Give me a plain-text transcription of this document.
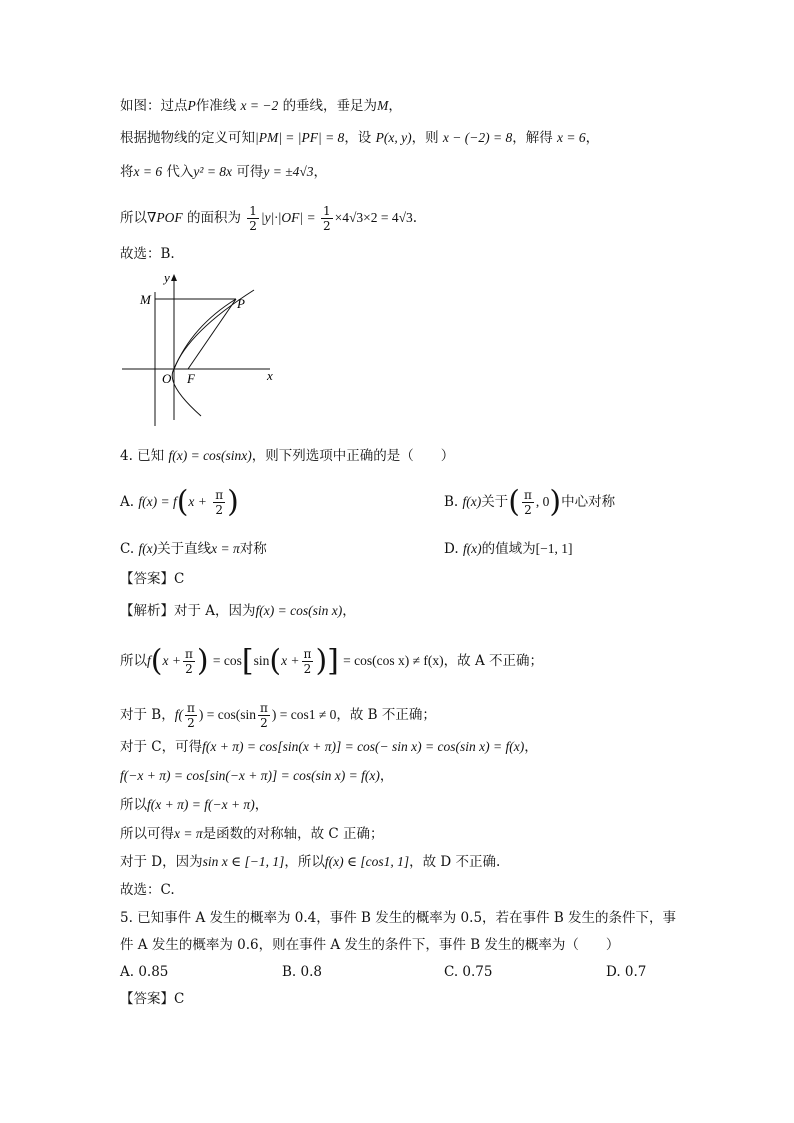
如图：过点P作准线 x = −2 的垂线，垂足为M，
根据抛物线的定义可知|PM| = |PF| = 8，设 P(x, y)，则 x − (−2) = 8，解得 x = 6，
将x = 6 代入y² = 8x 可得y = ±4√3，
所以∇POF 的面积为 $\frac{1}{2} |y|\cdot|OF| = \frac{1}{2} \times 4√3\times 2 = 4√3$.
故选：B.
y
M	P
O F	x
4. 已知 f(x) = cos(sinx)，则下列选项中正确的是（　　）
A. $f(x) = f(x + \frac{\pi}{2}$ )	B. f(x)关于( $\frac{\pi}{2}$ , 0)中心对称
C. f(x)关于直线x = π对称	D. f(x)的值域为[−1, 1]
【答案】C
【解析】对于 A，因为f(x) = cos(sin x)，
所以$f(x + \frac{\pi}{2}$ ) = $\cos[\sin(x + \frac{\pi}{2}$ )] = cos(cos x) ≠ f(x)，故 A 不正确；
对于 B，$f( \frac{\pi}{2}$ ) = $\cos(\sin \frac{\pi}{2}$ ) = cos1 ≠ 0，故 B 不正确；
对于 C，可得f(x + π) = cos[sin(x + π)] = cos(− sin x) = cos(sin x) = f(x)，
f(−x + π) = cos[sin(−x + π)] = cos(sin x) = f(x)，
所以f(x + π) = f(−x + π)，
所以可得x = π是函数的对称轴，故 C 正确；
对于 D，因为sin x ∈ [−1, 1]，所以f(x) ∈ [cos1, 1]，故 D 不正确.
故选：C.
5. 已知事件 A 发生的概率为 0.4，事件 B 发生的概率为 0.5，若在事件 B 发生的条件下，事
件 A 发生的概率为 0.6，则在事件 A 发生的条件下，事件 B 发生的概率为（　　）
A. 0.85	B. 0.8	C. 0.75	D. 0.7
【答案】C
